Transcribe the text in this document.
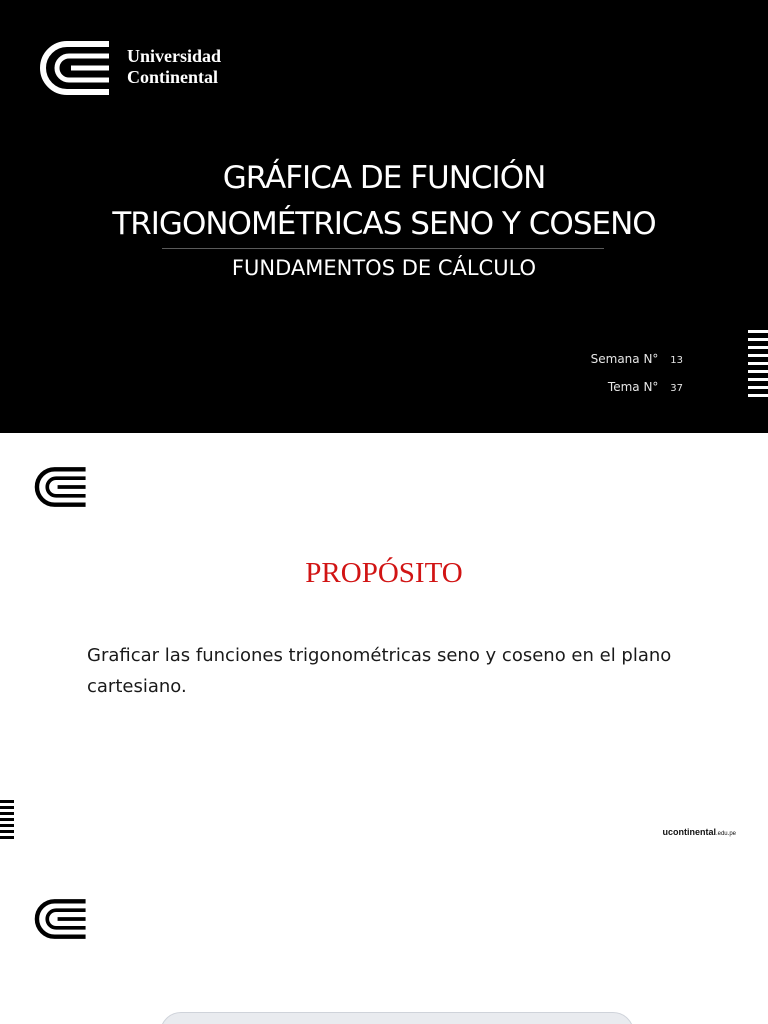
Universidad
Continental
GRÁFICA DE FUNCIÓN
TRIGONOMÉTRICAS SENO Y COSENO
FUNDAMENTOS DE CÁLCULO
Semana N° 13
Tema N° 37
PROPÓSITO
Graficar las funciones trigonométricas seno y coseno en el plano cartesiano.
ucontinental.edu.pe
